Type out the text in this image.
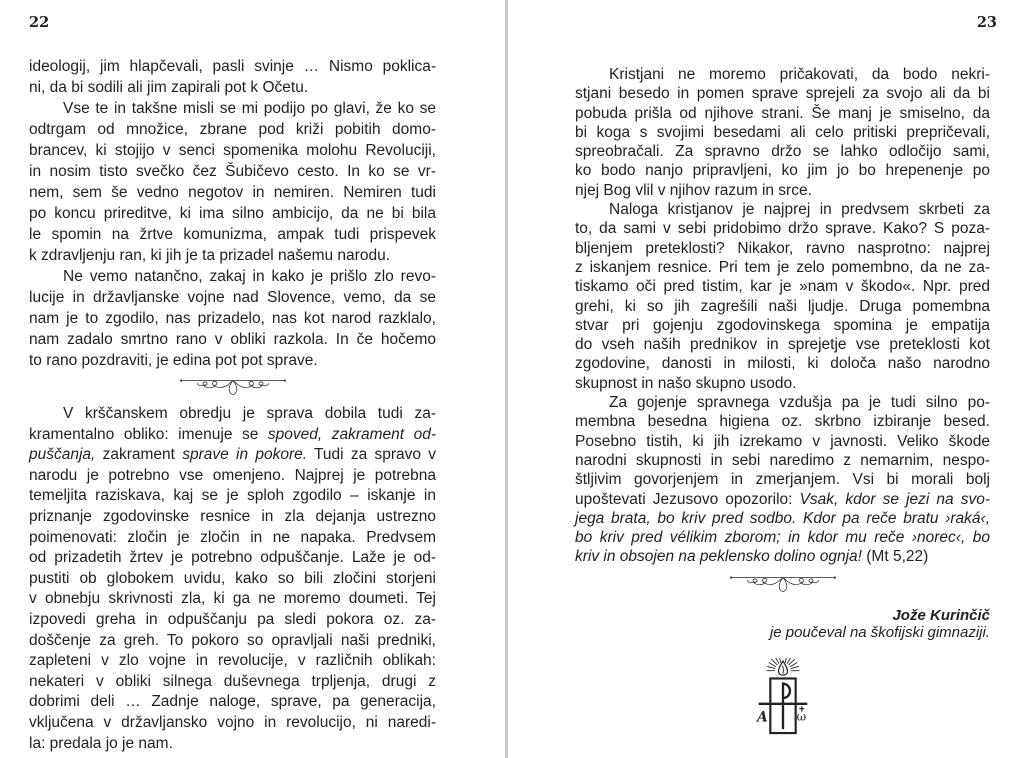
22	23
ideologij, jim hlapčevali, pasli svinje … Nismo poklica-
ni, da bi sodili ali jim zapirali pot k Očetu.
Vse te in takšne misli se mi podijo po glavi, že ko se
odtrgam od množice, zbrane pod križi pobitih domo-
brancev, ki stojijo v senci spomenika molohu Revoluciji,
in nosim tisto svečko čez Šubičevo cesto. In ko se vr-
nem, sem še vedno negotov in nemiren. Nemiren tudi
po koncu prireditve, ki ima silno ambicijo, da ne bi bila
le spomin na žrtve komunizma, ampak tudi prispevek
k zdravljenju ran, ki jih je ta prizadel našemu narodu.
Ne vemo natančno, zakaj in kako je prišlo zlo revo-
lucije in državljanske vojne nad Slovence, vemo, da se
nam je to zgodilo, nas prizadelo, nas kot narod razklalo,
nam zadalo smrtno rano v obliki razkola. In če hočemo
to rano pozdraviti, je edina pot pot sprave.
V krščanskem obredju je sprava dobila tudi za-
kramentalno obliko: imenuje se spoved, zakrament od-
puščanja, zakrament sprave in pokore. Tudi za spravo v
narodu je potrebno vse omenjeno. Najprej je potrebna
temeljita raziskava, kaj se je sploh zgodilo – iskanje in
priznanje zgodovinske resnice in zla dejanja ustrezno
poimenovati: zločin je zločin in ne napaka. Predvsem
od prizadetih žrtev je potrebno odpuščanje. Laže je od-
pustiti ob globokem uvidu, kako so bili zločini storjeni
v obnebju skrivnosti zla, ki ga ne moremo doumeti. Tej
izpovedi greha in odpuščanju pa sledi pokora oz. za-
doščenje za greh. To pokoro so opravljali naši predniki,
zapleteni v zlo vojne in revolucije, v različnih oblikah:
nekateri v obliki silnega duševnega trpljenja, drugi z
dobrimi deli … Zadnje naloge, sprave, pa generacija,
vključena v državljansko vojno in revolucijo, ni naredi-
la: predala jo je nam.
Kristjani ne moremo pričakovati, da bodo nekri-
stjani besedo in pomen sprave sprejeli za svojo ali da bi
pobuda prišla od njihove strani. Še manj je smiselno, da
bi koga s svojimi besedami ali celo pritiski prepričevali,
spreobračali. Za spravno držo se lahko odločijo sami,
ko bodo nanjo pripravljeni, ko jim jo bo hrepenenje po
njej Bog vlil v njihov razum in srce.
Naloga kristjanov je najprej in predvsem skrbeti za
to, da sami v sebi pridobimo držo sprave. Kako? S poza-
bljenjem preteklosti? Nikakor, ravno nasprotno: najprej
z iskanjem resnice. Pri tem je zelo pomembno, da ne za-
tiskamo oči pred tistim, kar je »nam v škodo«. Npr. pred
grehi, ki so jih zagrešili naši ljudje. Druga pomembna
stvar pri gojenju zgodovinskega spomina je empatija
do vseh naših prednikov in sprejetje vse preteklosti kot
zgodovine, danosti in milosti, ki določa našo narodno
skupnost in našo skupno usodo.
Za gojenje spravnega vzdušja pa je tudi silno po-
membna besedna higiena oz. skrbno izbiranje besed.
Posebno tistih, ki jih izrekamo v javnosti. Veliko škode
narodni skupnosti in sebi naredimo z nemarnim, nespo-
štljivim govorjenjem in zmerjanjem. Vsi bi morali bolj
upoštevati Jezusovo opozorilo: Vsak, kdor se jezi na svo-
jega brata, bo kriv pred sodbo. Kdor pa reče bratu ›raká‹,
bo kriv pred vélikim zborom; in kdor mu reče ›norec‹, bo
kriv in obsojen na peklensko dolino ognja! (Mt 5,22)
Jože Kurinčič
je poučeval na škofijski gimnaziji.
A ω
